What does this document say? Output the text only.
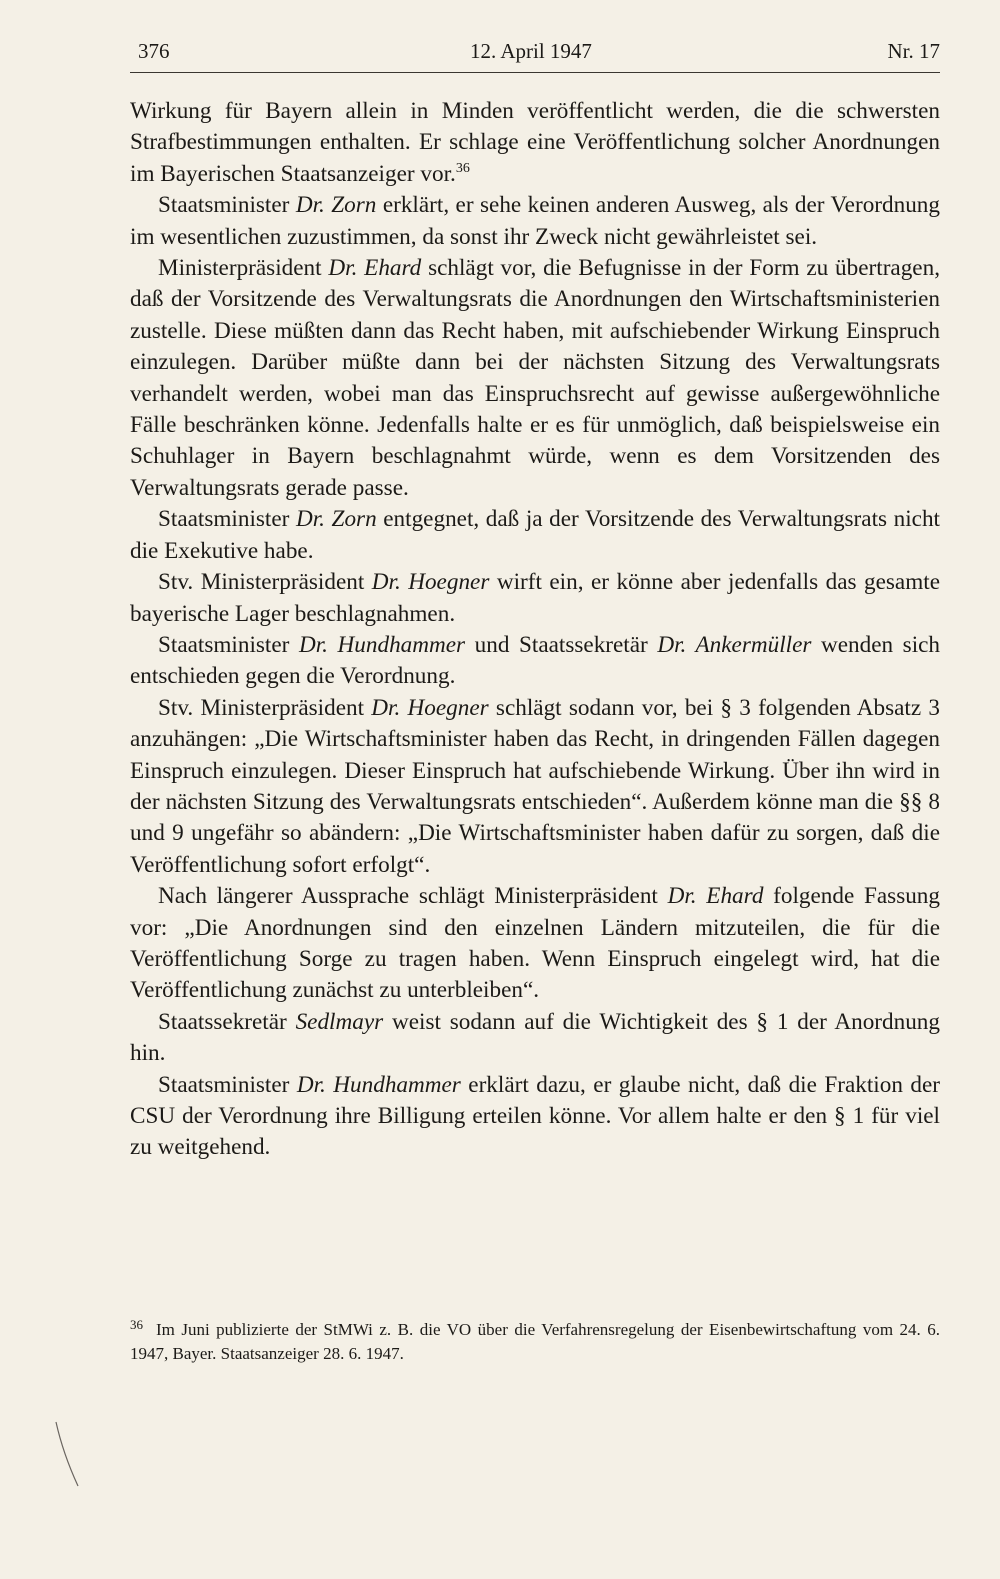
376	12. April 1947	Nr. 17

Wirkung für Bayern allein in Minden veröffentlicht werden, die die schwersten Strafbestimmungen enthalten. Er schlage eine Veröffentlichung solcher Anordnungen im Bayerischen Staatsanzeiger vor.$^{36}$

Staatsminister Dr. Zorn erklärt, er sehe keinen anderen Ausweg, als der Verordnung im wesentlichen zuzustimmen, da sonst ihr Zweck nicht gewährleistet sei.

Ministerpräsident Dr. Ehard schlägt vor, die Befugnisse in der Form zu übertragen, daß der Vorsitzende des Verwaltungsrats die Anordnungen den Wirtschaftsministerien zustelle. Diese müßten dann das Recht haben, mit aufschiebender Wirkung Einspruch einzulegen. Darüber müßte dann bei der nächsten Sitzung des Verwaltungsrats verhandelt werden, wobei man das Einspruchsrecht auf gewisse außergewöhnliche Fälle beschränken könne. Jedenfalls halte er es für unmöglich, daß beispielsweise ein Schuhlager in Bayern beschlagnahmt würde, wenn es dem Vorsitzenden des Verwaltungsrats gerade passe.

Staatsminister Dr. Zorn entgegnet, daß ja der Vorsitzende des Verwaltungsrats nicht die Exekutive habe.

Stv. Ministerpräsident Dr. Hoegner wirft ein, er könne aber jedenfalls das gesamte bayerische Lager beschlagnahmen.

Staatsminister Dr. Hundhammer und Staatssekretär Dr. Ankermüller wenden sich entschieden gegen die Verordnung.

Stv. Ministerpräsident Dr. Hoegner schlägt sodann vor, bei § 3 folgenden Absatz 3 anzuhängen: „Die Wirtschaftsminister haben das Recht, in dringenden Fällen dagegen Einspruch einzulegen. Dieser Einspruch hat aufschiebende Wirkung. Über ihn wird in der nächsten Sitzung des Verwaltungsrats entschieden“. Außerdem könne man die §§ 8 und 9 ungefähr so abändern: „Die Wirtschaftsminister haben dafür zu sorgen, daß die Veröffentlichung sofort erfolgt“.

Nach längerer Aussprache schlägt Ministerpräsident Dr. Ehard folgende Fassung vor: „Die Anordnungen sind den einzelnen Ländern mitzuteilen, die für die Veröffentlichung Sorge zu tragen haben. Wenn Einspruch eingelegt wird, hat die Veröffentlichung zunächst zu unterbleiben“.

Staatssekretär Sedlmayr weist sodann auf die Wichtigkeit des § 1 der Anordnung hin.

Staatsminister Dr. Hundhammer erklärt dazu, er glaube nicht, daß die Fraktion der CSU der Verordnung ihre Billigung erteilen könne. Vor allem halte er den § 1 für viel zu weitgehend.

36 Im Juni publizierte der StMWi z. B. die VO über die Verfahrensregelung der Eisenbewirtschaftung vom 24. 6. 1947, Bayer. Staatsanzeiger 28. 6. 1947.
